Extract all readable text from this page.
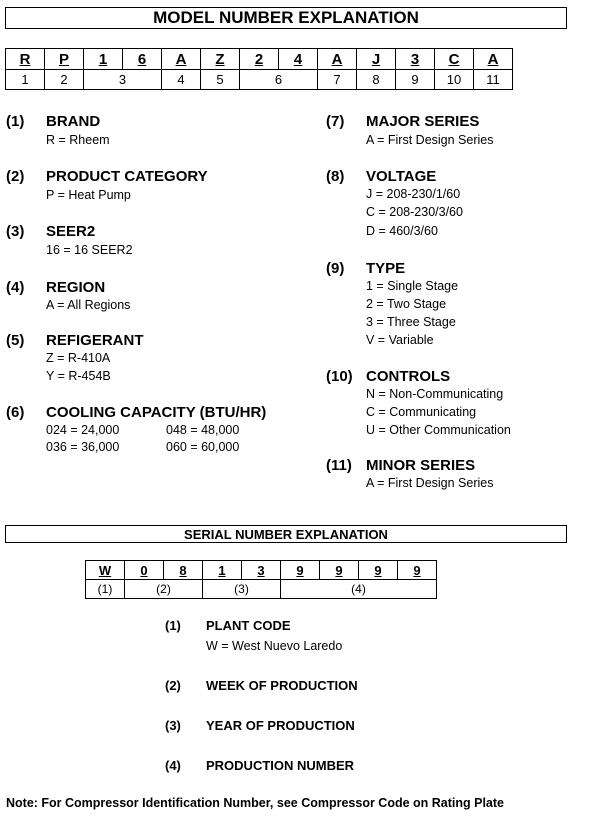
MODEL NUMBER EXPLANATION
R	P	1	6	A	Z	2	4	A	J	3	C	A
1	2	3		4	5	6		7	8	9	10	11
(1) BRAND
R = Rheem
(2) PRODUCT CATEGORY
P = Heat Pump
(3) SEER2
16 = 16 SEER2
(4) REGION
A = All Regions
(5) REFIGERANT
Z = R-410A
Y = R-454B
(6) COOLING CAPACITY (BTU/HR)
024 = 24,000
036 = 36,000
048 = 48,000
060 = 60,000
(7) MAJOR SERIES
A = First Design Series
(8) VOLTAGE
J = 208-230/1/60
C = 208-230/3/60
D = 460/3/60
(9) TYPE
1 = Single Stage
2 = Two Stage
3 = Three Stage
V = Variable
(10) CONTROLS
N = Non-Communicating
C = Communicating
U = Other Communication
(11) MINOR SERIES
A = First Design Series
SERIAL NUMBER EXPLANATION
W	0	8	1	3	9	9	9	9
(1)	(2)		(3)		(4)			
(1) PLANT CODE
W = West Nuevo Laredo
(2) WEEK OF PRODUCTION
(3) YEAR OF PRODUCTION
(4) PRODUCTION NUMBER
Note: For Compressor Identification Number, see Compressor Code on Rating Plate
